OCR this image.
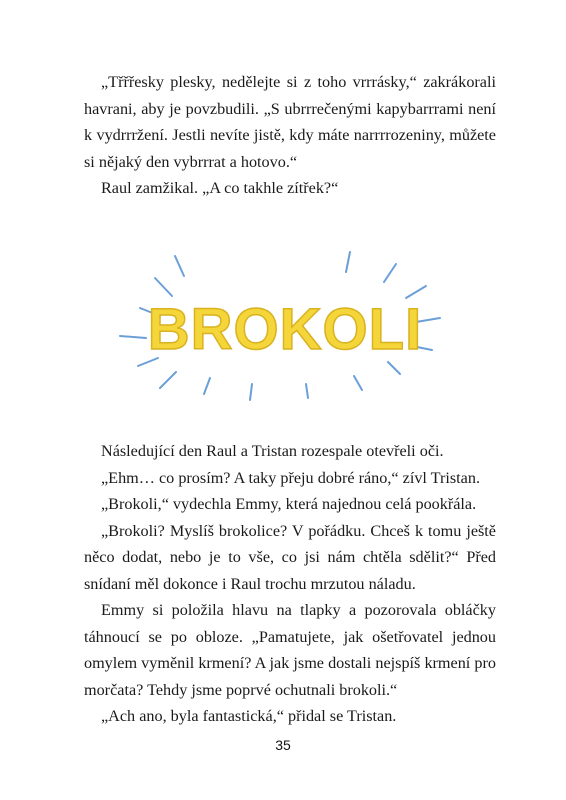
„Třřřesky plesky, nedělejte si z toho vrrrásky,“ zakrákorali havrani, aby je povzbudili. „S ubrrrečenými kapybarrrami není k vydrrržení. Jestli nevíte jistě, kdy máte narrrrozeniny, můžete si nějaký den vybrrrat a hotovo.“

Raul zamžikal. „A co takhle zítřek?“

BROKOLI

Následující den Raul a Tristan rozespale otevřeli oči.

„Ehm… co prosím? A taky přeju dobré ráno,“ zívl Tristan.

„Brokoli,“ vydechla Emmy, která najednou celá pookřála.

„Brokoli? Myslíš brokolice? V pořádku. Chceš k tomu ještě něco dodat, nebo je to vše, co jsi nám chtěla sdělit?“ Před snídaní měl dokonce i Raul trochu mrzutou náladu.

Emmy si položila hlavu na tlapky a pozorovala obláčky táhnoucí se po obloze. „Pamatujete, jak ošetřovatel jednou omylem vyměnil krmení? A jak jsme dostali nejspíš krmení pro morčata? Tehdy jsme poprvé ochutnali brokoli.“

„Ach ano, byla fantastická,“ přidal se Tristan.

35
